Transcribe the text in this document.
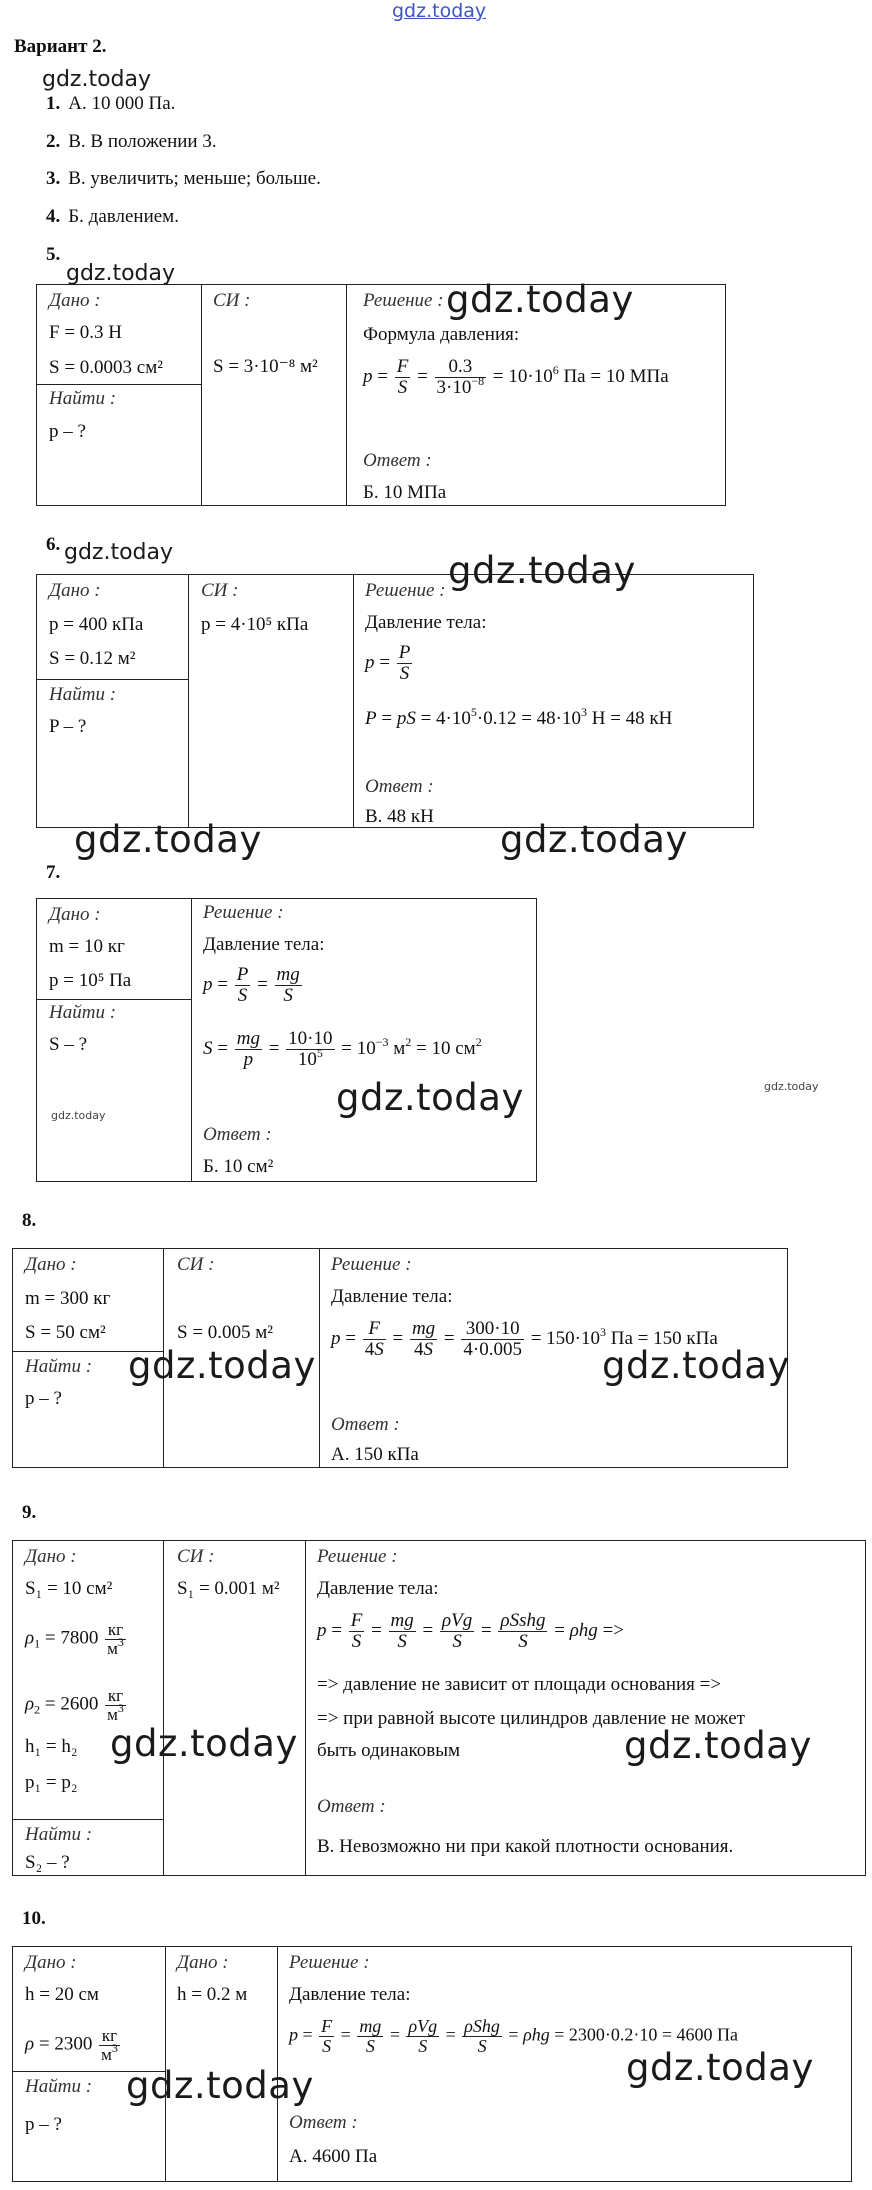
gdz.today
Вариант 2.
gdz.today
1. А. 10 000 Па.
2. В. В положении 3.
3. В. увеличить; меньше; больше.
4. Б. давлением.
5.
gdz.today
Дано :
F = 0.3 Н
S = 0.0003 см²
Найти :
p – ?
СИ :
S = 3·10⁻⁸ м²
Решение :
Формула давления:
$p = \frac{F}{S} = \frac{0.3}{3\cdot 10^{-8}} = 10\cdot 10^6$ Па = 10 МПа
Ответ :
Б. 10 МПа
gdz.today
6. gdz.today
Дано :
p = 400 кПа
S = 0.12 м²
Найти :
P – ?
СИ :
p = 4·10⁵ кПа
Решение :
Давление тела:
$p = \frac{P}{S}$
P = pS = $4\cdot 10^5\cdot 0.12 = 48\cdot 10^3$ Н = 48 кН
Ответ :
В. 48 кН
gdz.today
gdz.today	gdz.today
7.
Дано :
m = 10 кг
p = 10⁵ Па
Найти :
S – ?
gdz.today
Решение :
Давление тела:
$p = \frac{P}{S} = \frac{mg}{S}$
$S = \frac{mg}{p} = \frac{10\cdot 10}{10^5} = 10^{-3}$ $м^2 = 10$ $см^2$
Ответ :
Б. 10 см²
gdz.today	gdz.today
8.
Дано :
m = 300 кг
S = 50 см²
Найти :
p – ?
СИ :
S = 0.005 м²
Решение :
Давление тела:
$p = \frac{F}{4S} = \frac{mg}{4S} = \frac{300\cdot 10}{4\cdot 0.005} = 150\cdot 10^3$ Па = 150 кПа
Ответ :
А. 150 кПа
gdz.today	gdz.today
9.
Дано :
S₁ = 10 см²
$\rho_1 = 7800 \frac{кг}{м^3}$
$\rho_2 = 2600 \frac{кг}{м^3}$
h₁ = h₂
p₁ = p₂
Найти :
S₂ – ?
СИ :
S₁ = 0.001 м²
Решение :
Давление тела:
$p = \frac{F}{S} = \frac{mg}{S} = \frac{\text{ρVg}}{S} = \frac{\text{ρSshg}}{S} = \rho hg$ =>
=> давление не зависит от площади основания =>
=> при равной высоте цилиндров давление не может
быть одинаковым
Ответ :
В. Невозможно ни при какой плотности основания.
gdz.today	gdz.today
10.
Дано :
h = 20 см
$\rho = 2300 \frac{кг}{м^3}$
Найти :
p – ?
Дано :
h = 0.2 м
Решение :
Давление тела:
$p = \frac{F}{S} = \frac{mg}{S} = \frac{\text{ρVg}}{S} = \frac{\text{ρShg}}{S} = \rho hg = 2300\cdot 0.2\cdot 10 = 4600$ Па
Ответ :
А. 4600 Па
gdz.today	gdz.today
